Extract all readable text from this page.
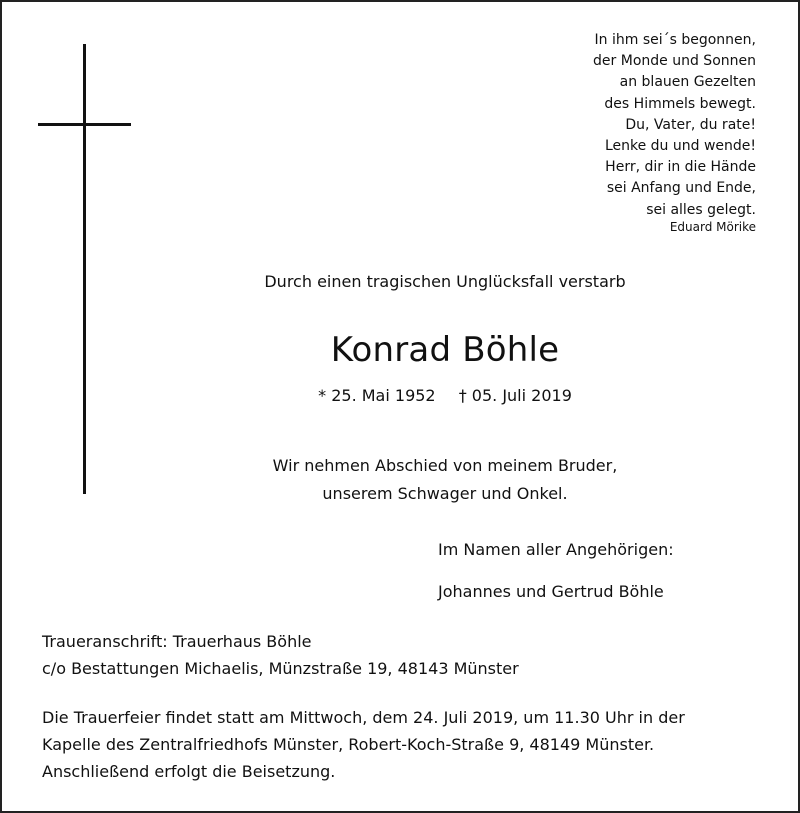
In ihm sei´s begonnen,
der Monde und Sonnen
an blauen Gezelten
des Himmels bewegt.
Du, Vater, du rate!
Lenke du und wende!
Herr, dir in die Hände
sei Anfang und Ende,
sei alles gelegt.
Eduard Mörike
Durch einen tragischen Unglücksfall verstarb
Konrad Böhle
* 25. Mai 1952 † 05. Juli 2019
Wir nehmen Abschied von meinem Bruder,
unserem Schwager und Onkel.
Im Namen aller Angehörigen:
Johannes und Gertrud Böhle
Traueranschrift: Trauerhaus Böhle
c/o Bestattungen Michaelis, Münzstraße 19, 48143 Münster
Die Trauerfeier findet statt am Mittwoch, dem 24. Juli 2019, um 11.30 Uhr in der
Kapelle des Zentralfriedhofs Münster, Robert-Koch-Straße 9, 48149 Münster.
Anschließend erfolgt die Beisetzung.
